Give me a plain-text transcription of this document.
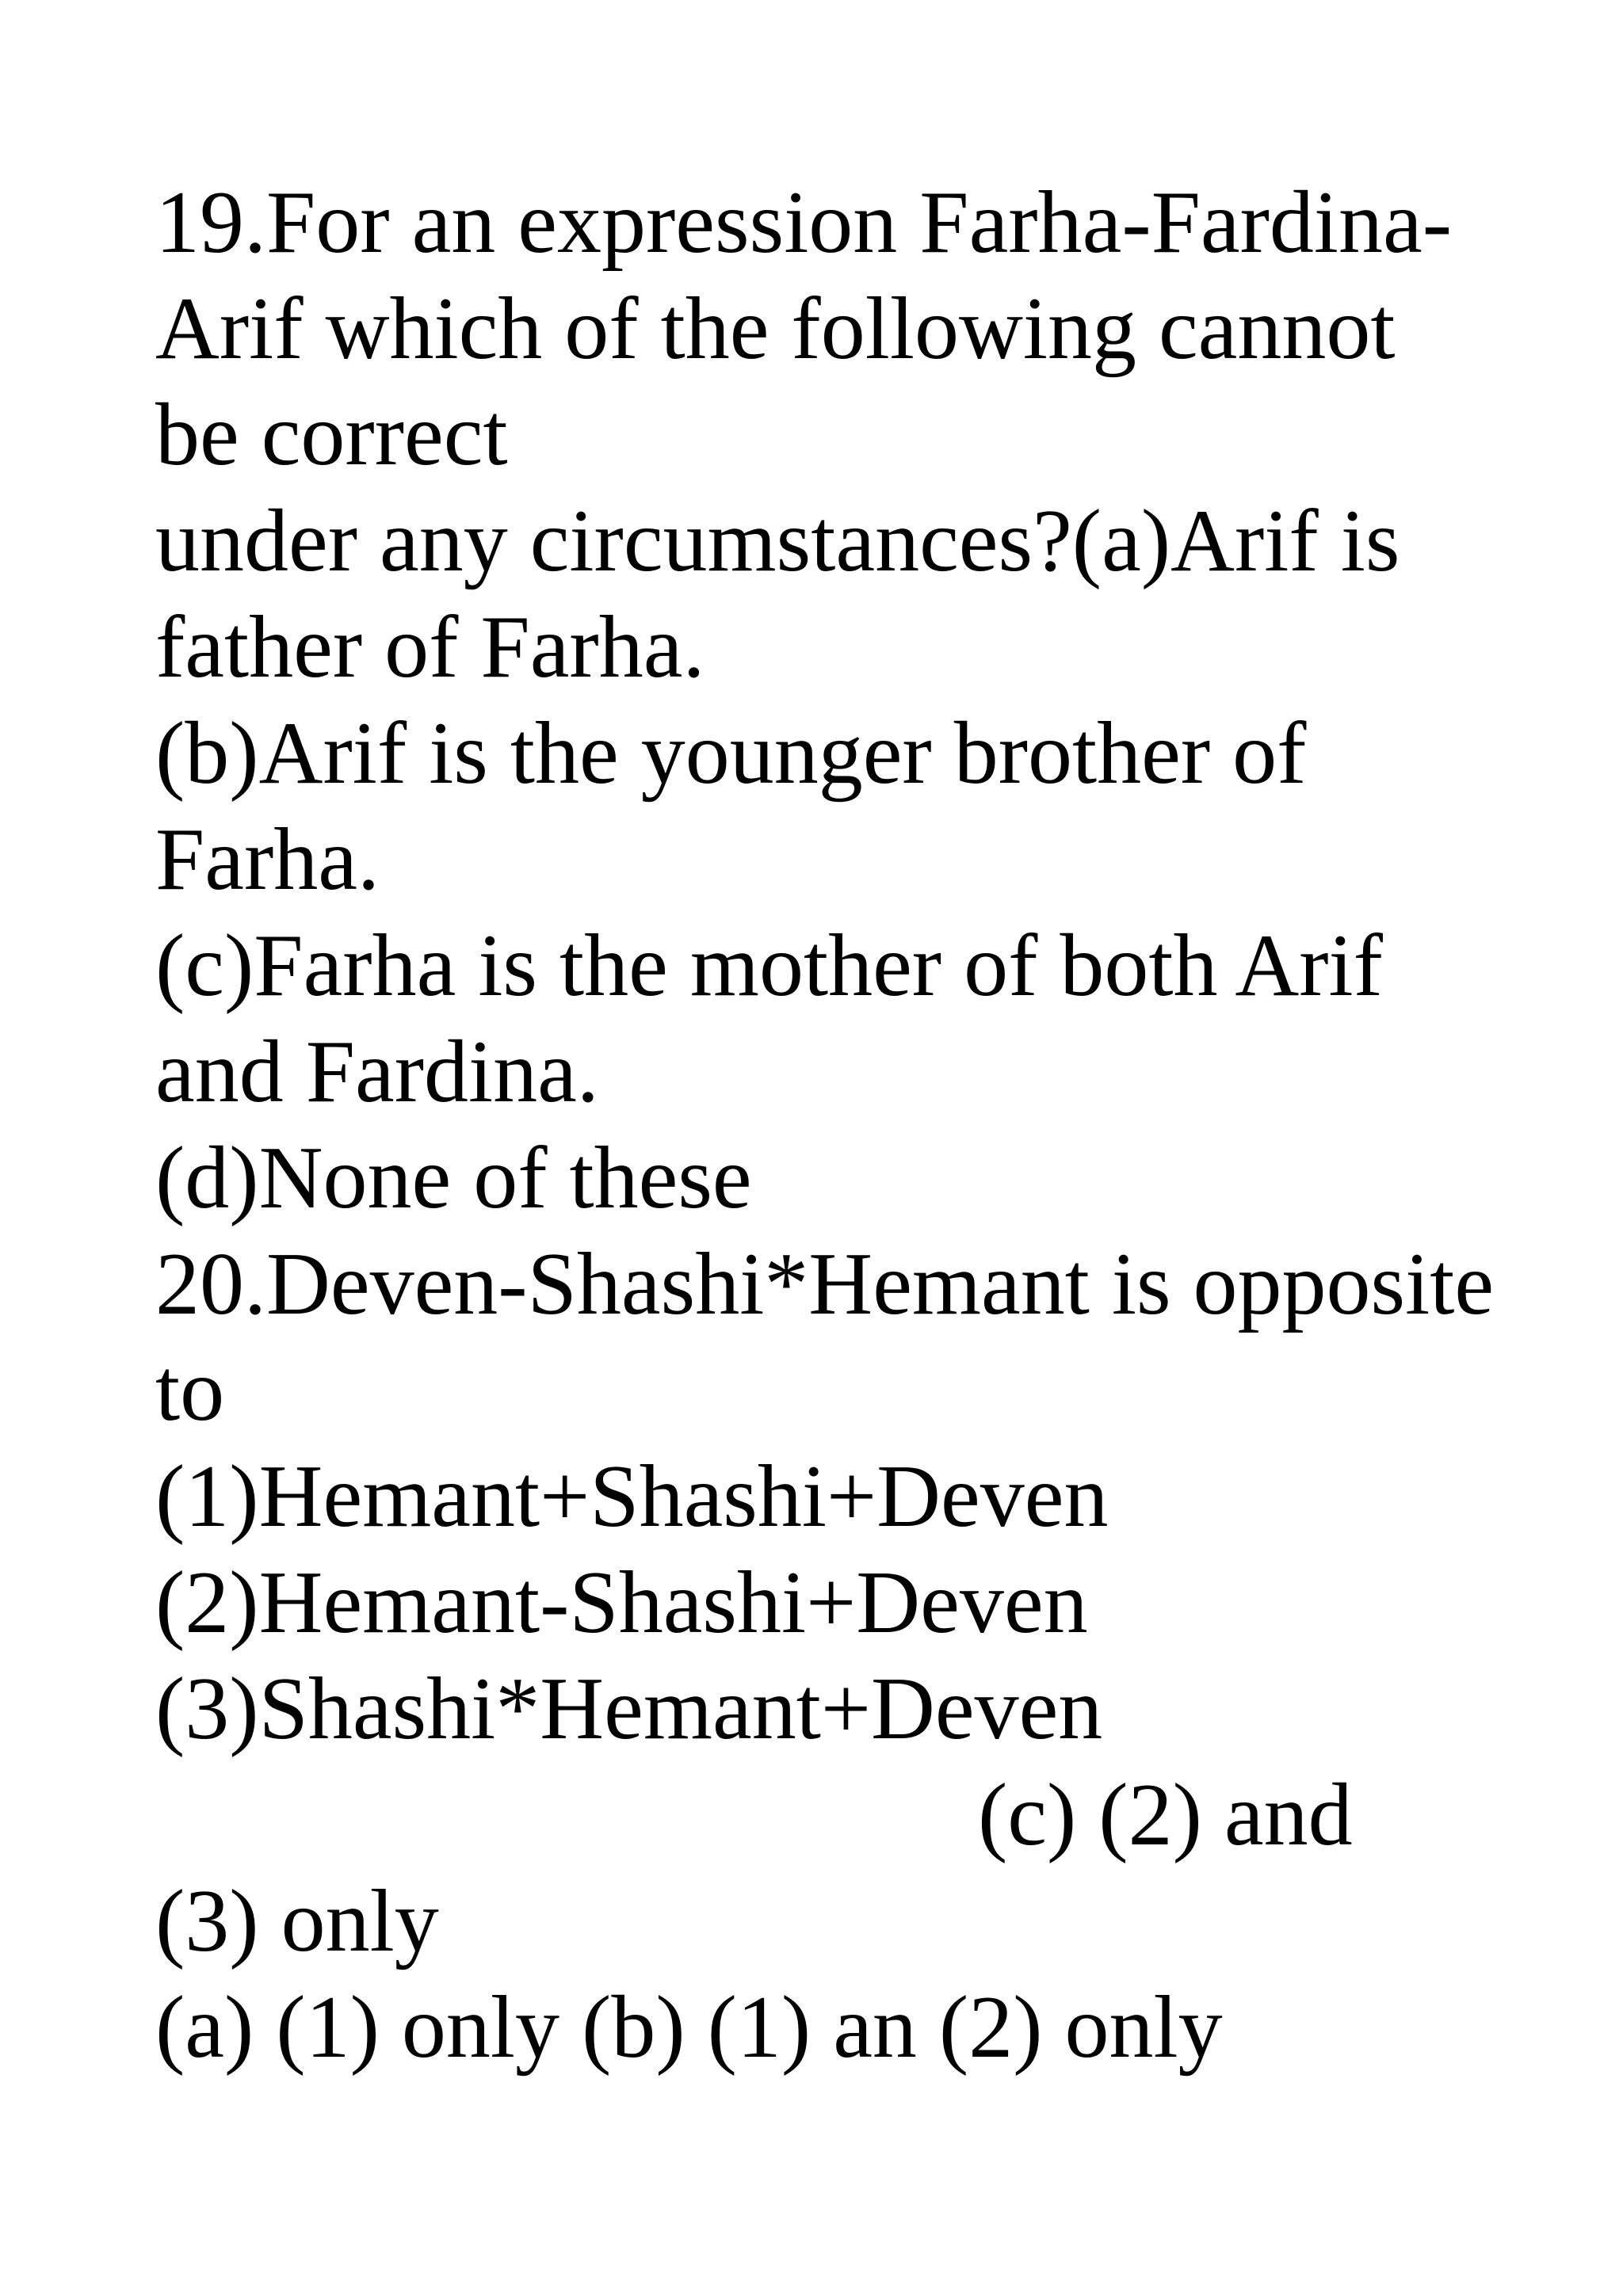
19.For an expression Farha-Fardina-
Arif which of the following cannot
be correct
under any circumstances?(a)Arif is
father of Farha.
(b)Arif is the younger brother of
Farha.
(c)Farha is the mother of both Arif
and Fardina.
(d)None of these
20.Deven-Shashi*Hemant is opposite
to
(1)Hemant+Shashi+Deven
(2)Hemant-Shashi+Deven
(3)Shashi*Hemant+Deven
(c) (2) and
(3) only
(a) (1) only (b) (1) an (2) only
